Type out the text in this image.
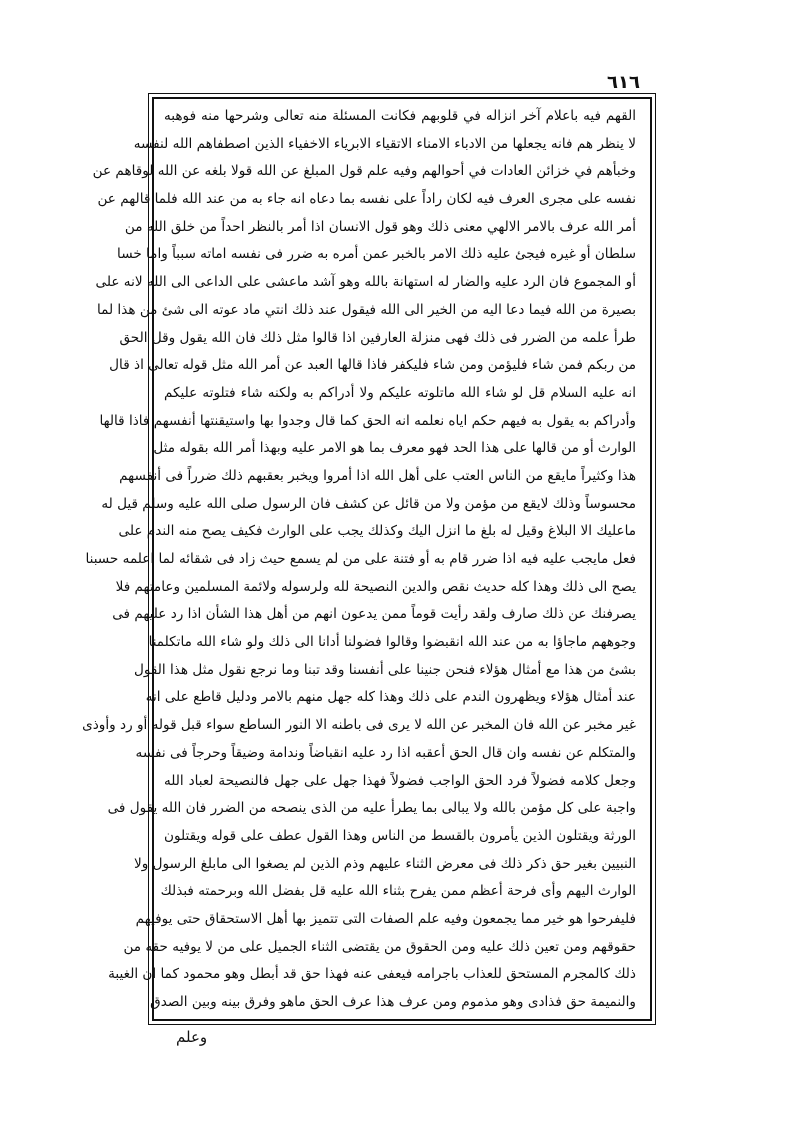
٦١٦
القهم فيه باعلام آخر انزاله في قلوبهم فكانت المسئلة منه تعالى وشرحها منه فوهبه
لا ينظر هم فانه يجعلها من الادباء الامناء الاتقياء الابرياء الاخفياء الذين اصطفاهم الله لنفسه
وخبأهم في خزائن العادات في أحوالهم وفيه علم قول المبلغ عن الله قولا بلغه عن الله لوقاهم عن
نفسه على مجرى العرف فيه لكان راداً على نفسه بما دعاه انه جاء به من عند الله فلما قالهم عن
أمر الله عرف بالامر الالهي معنى ذلك وهو قول الانسان اذا أمر بالنظر احداً من خلق الله من
سلطان أو غيره فيجئ عليه ذلك الامر بالخبر عمن أمره به ضرر فى نفسه اماته سبباً واما خسا
أو المجموع فان الرد عليه والضار له استهانة بالله وهو آشد ماعشى على الداعى الى الله لانه على
بصيرة من الله فيما دعا اليه من الخير الى الله فيقول عند ذلك انتي ماد عوته الى شئ من هذا لما
طرأ علمه من الضرر فى ذلك فهى منزلة العارفين اذا قالوا مثل ذلك فان الله يقول وقل الحق
من ربكم فمن شاء فليؤمن ومن شاء فليكفر فاذا قالها العبد عن أمر الله مثل قوله تعالى اذ قال
انه عليه السلام قل لو شاء الله ماتلوته عليكم ولا أدراكم به ولكنه شاء فتلوته عليكم
وأدراكم به يقول به فيهم حكم اياه نعلمه انه الحق كما قال وجدوا بها واستيقنتها أنفسهم فاذا قالها
الوارث أو من قالها على هذا الحد فهو معرف بما هو الامر عليه وبهذا أمر الله بقوله مثل
هذا وكثيراً مايقع من الناس العتب على أهل الله اذا أمروا ويخبر بعقبهم ذلك ضرراً فى أنفسهم
محسوساً وذلك لايقع من مؤمن ولا من قائل عن كشف فان الرسول صلى الله عليه وسلم قيل له
ماعليك الا البلاغ وقيل له بلغ ما انزل اليك وكذلك يجب على الوارث فكيف يصح منه الندم على
فعل مايجب عليه فيه اذا ضرر قام به أو فتنة على من لم يسمع حيث زاد فى شقائه لما اعلمه حسبنا
يصح الى ذلك وهذا كله حديث نقص والدين النصيحة لله ولرسوله ولائمة المسلمين وعامتهم فلا
يصرفنك عن ذلك صارف ولقد رأيت قوماً ممن يدعون انهم من أهل هذا الشأن اذا رد عليهم فى
وجوههم ماجاؤا به من عند الله انقبضوا وقالوا فضولنا أدانا الى ذلك ولو شاء الله ماتكلمنا
بشئ من هذا مع أمثال هؤلاء فنحن جنينا على أنفسنا وقد تبنا وما نرجع نقول مثل هذا القول
عند أمثال هؤلاء ويظهرون الندم على ذلك وهذا كله جهل منهم بالامر ودليل قاطع على انه
غير مخبر عن الله فان المخبر عن الله لا يرى فى باطنه الا النور الساطع سواء قبل قوله أو رد وأوذى
والمتكلم عن نفسه وان قال الحق أعقبه اذا رد عليه انقباضاً وندامة وضيقاً وحرجاً فى نفسه
وجعل كلامه فضولاً فرد الحق الواجب فضولاً فهذا جهل على جهل فالنصيحة لعباد الله
واجبة على كل مؤمن بالله ولا يبالى بما يطرأ عليه من الذى ينصحه من الضرر فان الله يقول فى
الورثة ويقتلون الذين يأمرون بالقسط من الناس وهذا القول عطف على قوله ويقتلون
النبيين بغير حق ذكر ذلك فى معرض الثناء عليهم وذم الذين لم يصغوا الى مابلغ الرسول ولا
الوارث اليهم وأى فرحة أعظم ممن يفرح بثناء الله عليه قل بفضل الله وبرحمته فبذلك
فليفرحوا هو خير مما يجمعون وفيه علم الصفات التى تتميز بها أهل الاستحقاق حتى يوفيهم
حقوقهم ومن تعين ذلك عليه ومن الحقوق من يقتضى الثناء الجميل على من لا يوفيه حقه من
ذلك كالمجرم المستحق للعذاب باجرامه فيعفى عنه فهذا حق قد أبطل وهو محمود كما ان الغيبة
والنميمة حق فذادى وهو مذموم ومن عرف هذا عرف الحق ماهو وفرق بينه وبين الصدق
وعلم
